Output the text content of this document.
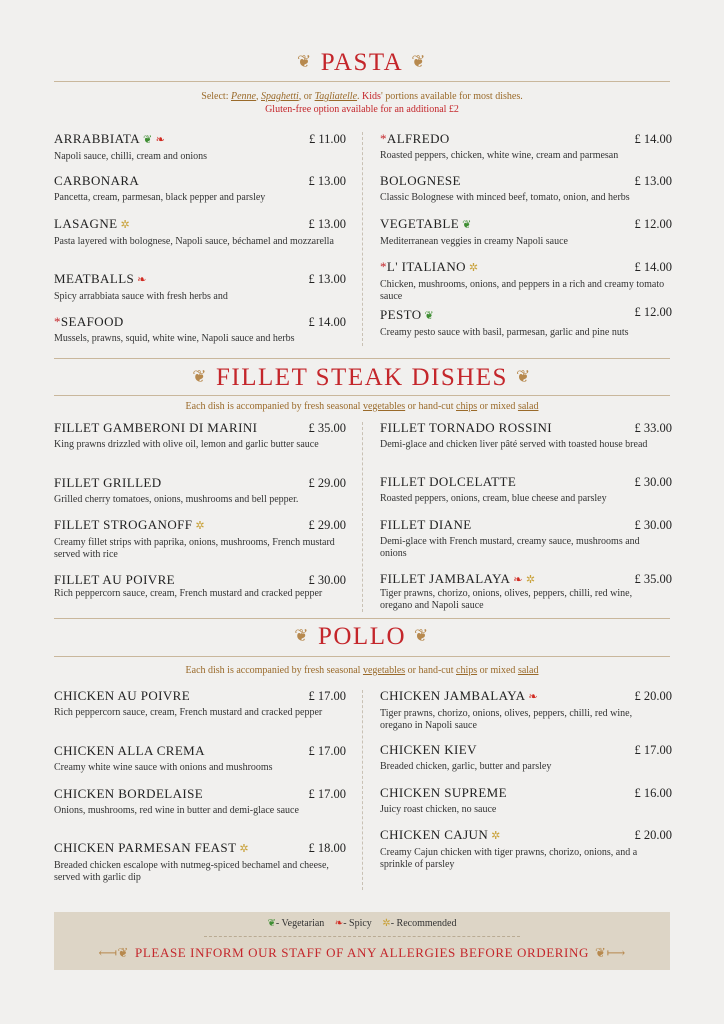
❦ PASTA ❦
Select: Penne, Spaghetti, or Tagliatelle. Kids' portions available for most dishes.
Gluten-free option available for an additional £2
ARRABBIATA ❦ ❧	£ 11.00
Napoli sauce, chilli, cream and onions
CARBONARA	£ 13.00
Pancetta, cream, parmesan, black pepper and parsley
LASAGNE ✲	£ 13.00
Pasta layered with bolognese, Napoli sauce, béchamel and mozzarella
MEATBALLS ❧	£ 13.00
Spicy arrabbiata sauce with fresh herbs and
*SEAFOOD	£ 14.00
Mussels, prawns, squid, white wine, Napoli sauce and herbs
*ALFREDO	£ 14.00
Roasted peppers, chicken, white wine, cream and parmesan
BOLOGNESE	£ 13.00
Classic Bolognese with minced beef, tomato, onion, and herbs
VEGETABLE ❦	£ 12.00
Mediterranean veggies in creamy Napoli sauce
*L' ITALIANO ✲	£ 14.00
Chicken, mushrooms, onions, and peppers in a rich and creamy tomato sauce
PESTO ❦	£ 12.00
Creamy pesto sauce with basil, parmesan, garlic and pine nuts
❦ FILLET STEAK DISHES ❦
Each dish is accompanied by fresh seasonal vegetables or hand-cut chips or mixed salad
FILLET GAMBERONI DI MARINI	£ 35.00
King prawns drizzled with olive oil, lemon and garlic butter sauce
FILLET GRILLED	£ 29.00
Grilled cherry tomatoes, onions, mushrooms and bell pepper.
FILLET STROGANOFF ✲	£ 29.00
Creamy fillet strips with paprika, onions, mushrooms, French mustard served with rice
FILLET AU POIVRE	£ 30.00
Rich peppercorn sauce, cream, French mustard and cracked pepper
FILLET TORNADO ROSSINI	£ 33.00
Demi-glace and chicken liver pâté served with toasted house bread
FILLET DOLCELATTE	£ 30.00
Roasted peppers, onions, cream, blue cheese and parsley
FILLET DIANE	£ 30.00
Demi-glace with French mustard, creamy sauce, mushrooms and onions
FILLET JAMBALAYA ❧ ✲	£ 35.00
Tiger prawns, chorizo, onions, olives, peppers, chilli, red wine, oregano and Napoli sauce
❦ POLLO ❦
Each dish is accompanied by fresh seasonal vegetables or hand-cut chips or mixed salad
CHICKEN AU POIVRE	£ 17.00
Rich peppercorn sauce, cream, French mustard and cracked pepper
CHICKEN ALLA CREMA	£ 17.00
Creamy white wine sauce with onions and mushrooms
CHICKEN BORDELAISE	£ 17.00
Onions, mushrooms, red wine in butter and demi-glace sauce
CHICKEN PARMESAN FEAST ✲	£ 18.00
Breaded chicken escalope with nutmeg-spiced bechamel and cheese, served with garlic dip
CHICKEN JAMBALAYA ❧	£ 20.00
Tiger prawns, chorizo, onions, olives, peppers, chilli, red wine, oregano in Napoli sauce
CHICKEN KIEV	£ 17.00
Breaded chicken, garlic, butter and parsley
CHICKEN SUPREME	£ 16.00
Juicy roast chicken, no sauce
CHICKEN CAJUN ✲	£ 20.00
Creamy Cajun chicken with tiger prawns, chorizo, onions, and a sprinkle of parsley
❦- Vegetarian ❧- Spicy ✲- Recommended
⟻❦ PLEASE INFORM OUR STAFF OF ANY ALLERGIES BEFORE ORDERING ❦⟼
